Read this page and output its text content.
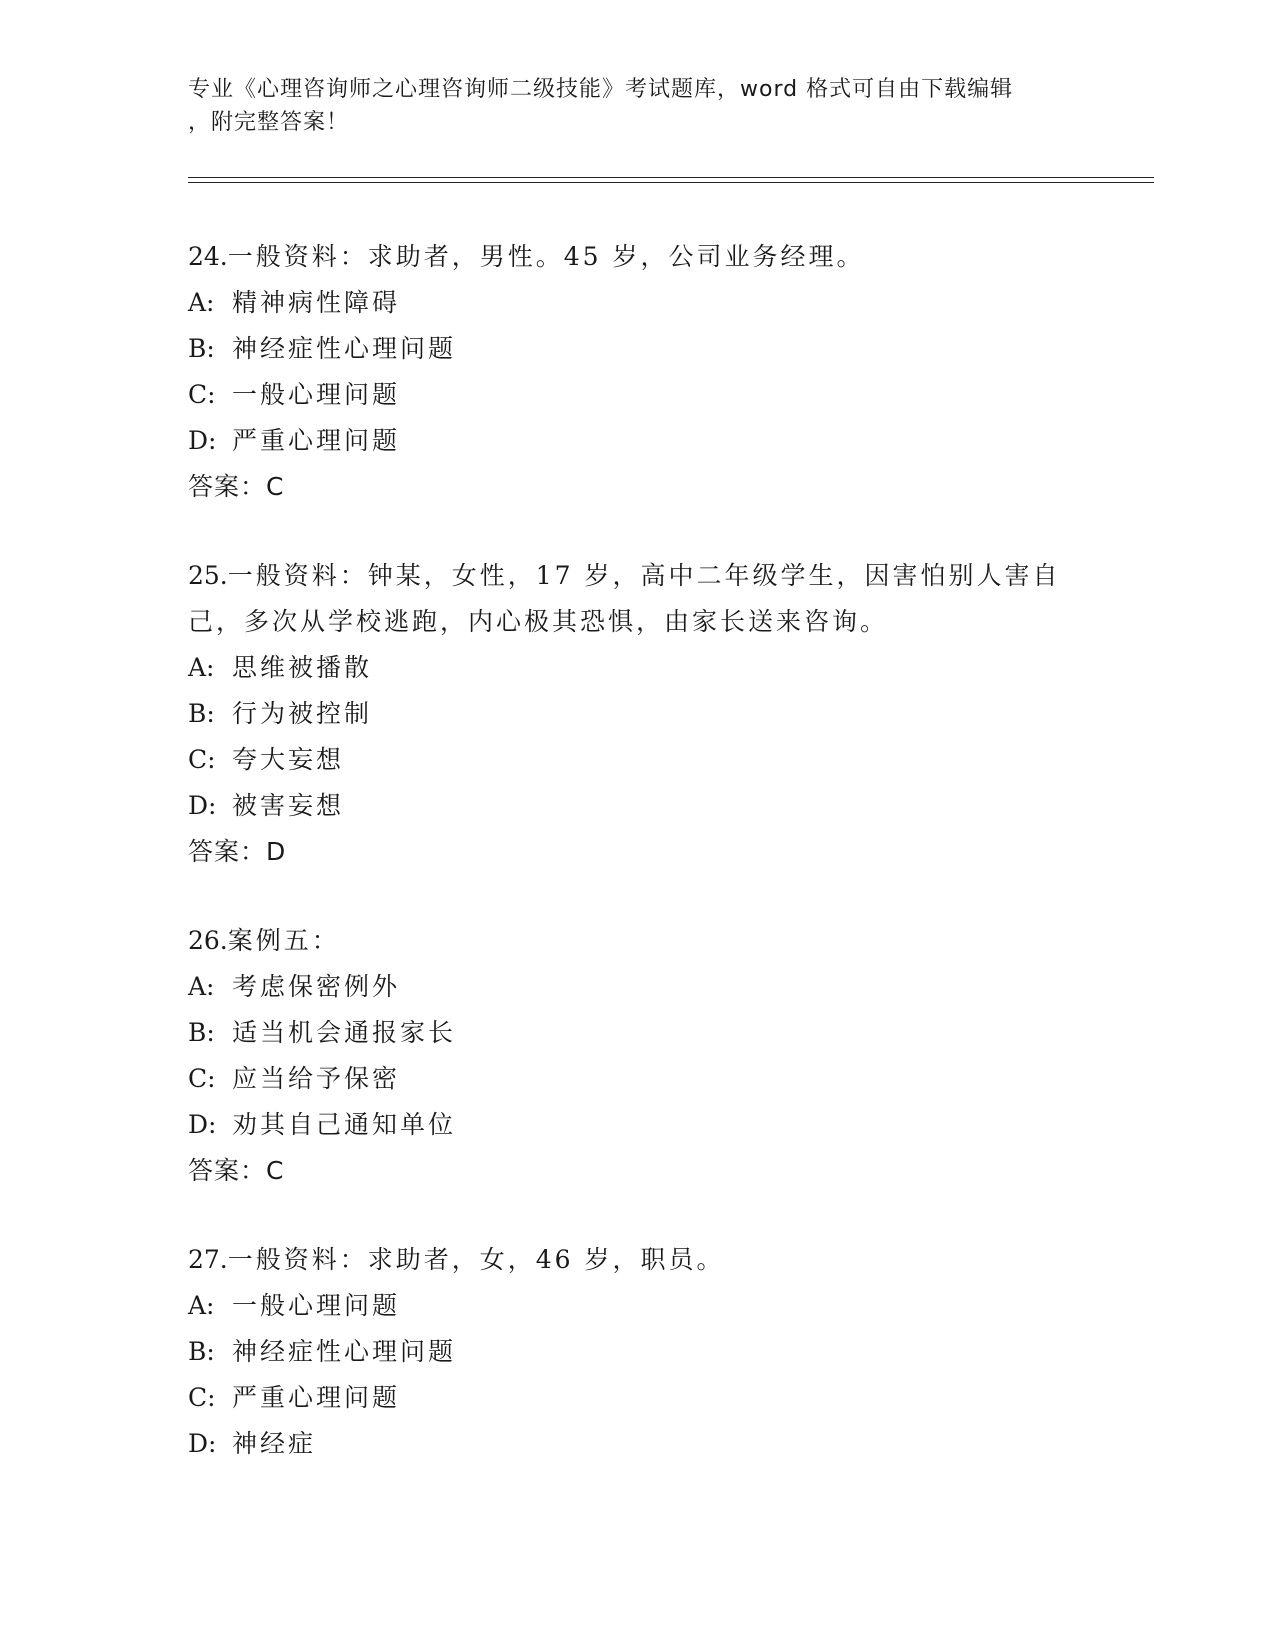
专业《心理咨询师之心理咨询师二级技能》考试题库，word 格式可自由下载编辑
，附完整答案！
24.一般资料：求助者，男性。45 岁，公司业务经理。
A: 精神病性障碍
B: 神经症性心理问题
C: 一般心理问题
D: 严重心理问题
答案：C
25.一般资料：钟某，女性，17 岁，高中二年级学生，因害怕别人害自
己，多次从学校逃跑，内心极其恐惧，由家长送来咨询。
A: 思维被播散
B: 行为被控制
C: 夸大妄想
D: 被害妄想
答案：D
26.案例五：
A: 考虑保密例外
B: 适当机会通报家长
C: 应当给予保密
D: 劝其自己通知单位
答案：C
27.一般资料：求助者，女，46 岁，职员。
A: 一般心理问题
B: 神经症性心理问题
C: 严重心理问题
D: 神经症
